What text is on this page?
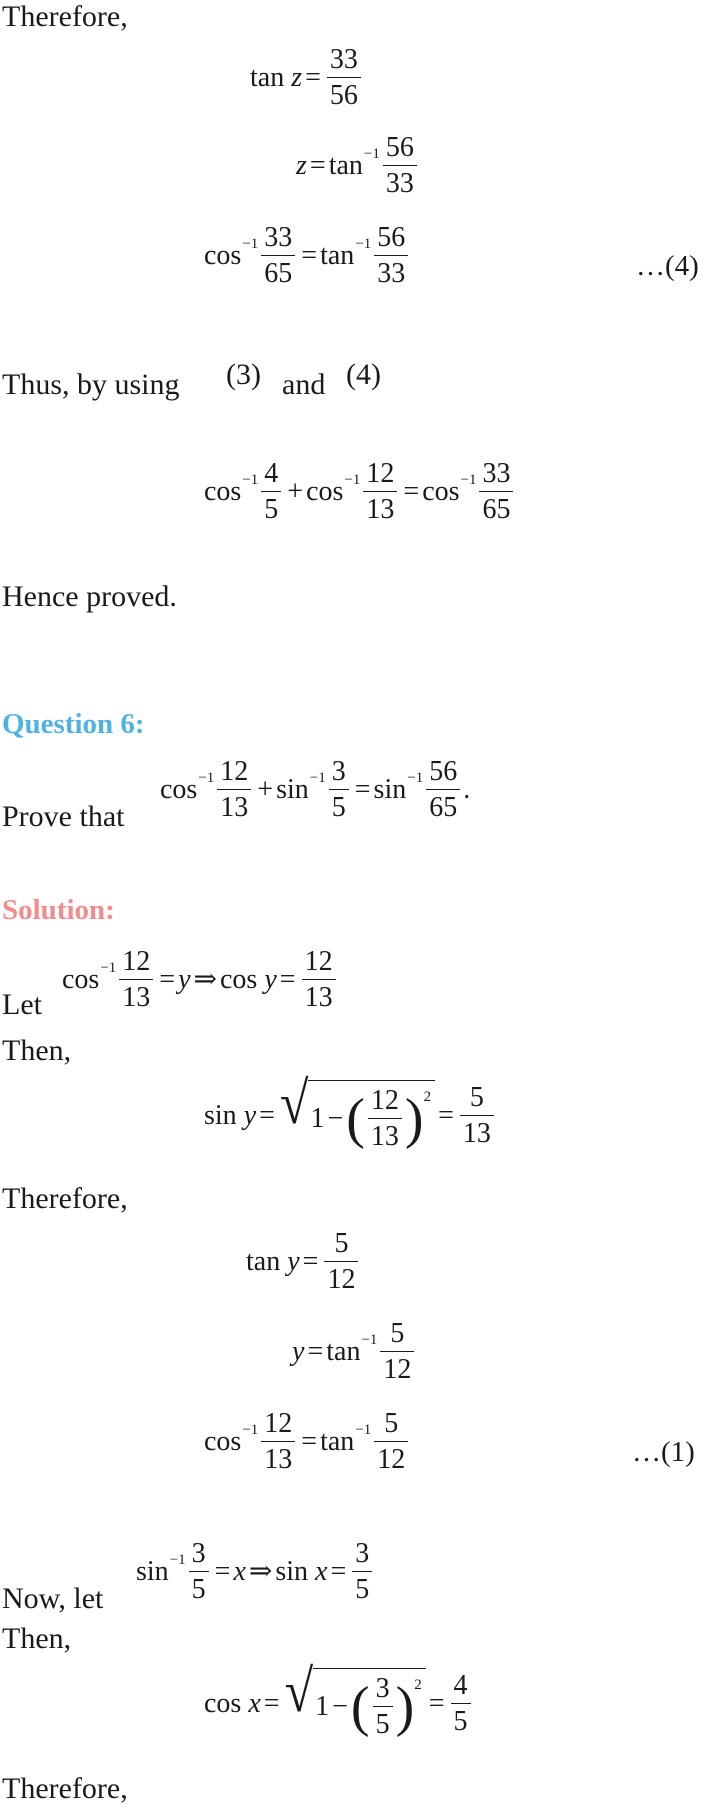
Therefore,
tan
$z = \frac{33}{56}$
$z = \tan -1 \frac{56}{33}$
$\cos -1 \frac{33}{65} = \tan -1 \frac{56}{33}$	…(4)
Thus, by using (3) and (4)
$\cos -1 \frac{4}{5} + \cos -1 \frac{12}{13} = \cos -1 \frac{33}{65}$
Hence proved.
Question 6:
Prove that
$\cos -1 \frac{12}{13} + \sin -1 \frac{3}{5} = \sin -1 \frac{56}{65}$ .
Solution:
Let
$\cos -1 \frac{12}{13} = y$ ⇒ cos
$y = \frac{12}{13}$
Then,
sin
y = √ 1 − ( $\frac{12}{13}$ ) 2
= $\frac{5}{13}$
Therefore,
tan
$y = \frac{5}{12}$
$y = \tan -1 \frac{5}{12}$
$\cos -1 \frac{12}{13} = \tan -1 \frac{5}{12}$	…(1)
Now, let
$\sin -1 \frac{3}{5} = x$ ⇒ sin
$x = \frac{3}{5}$
Then,
cos
x = √ 1 − ( $\frac{3}{5}$ ) 2
= $\frac{4}{5}$
Therefore,
